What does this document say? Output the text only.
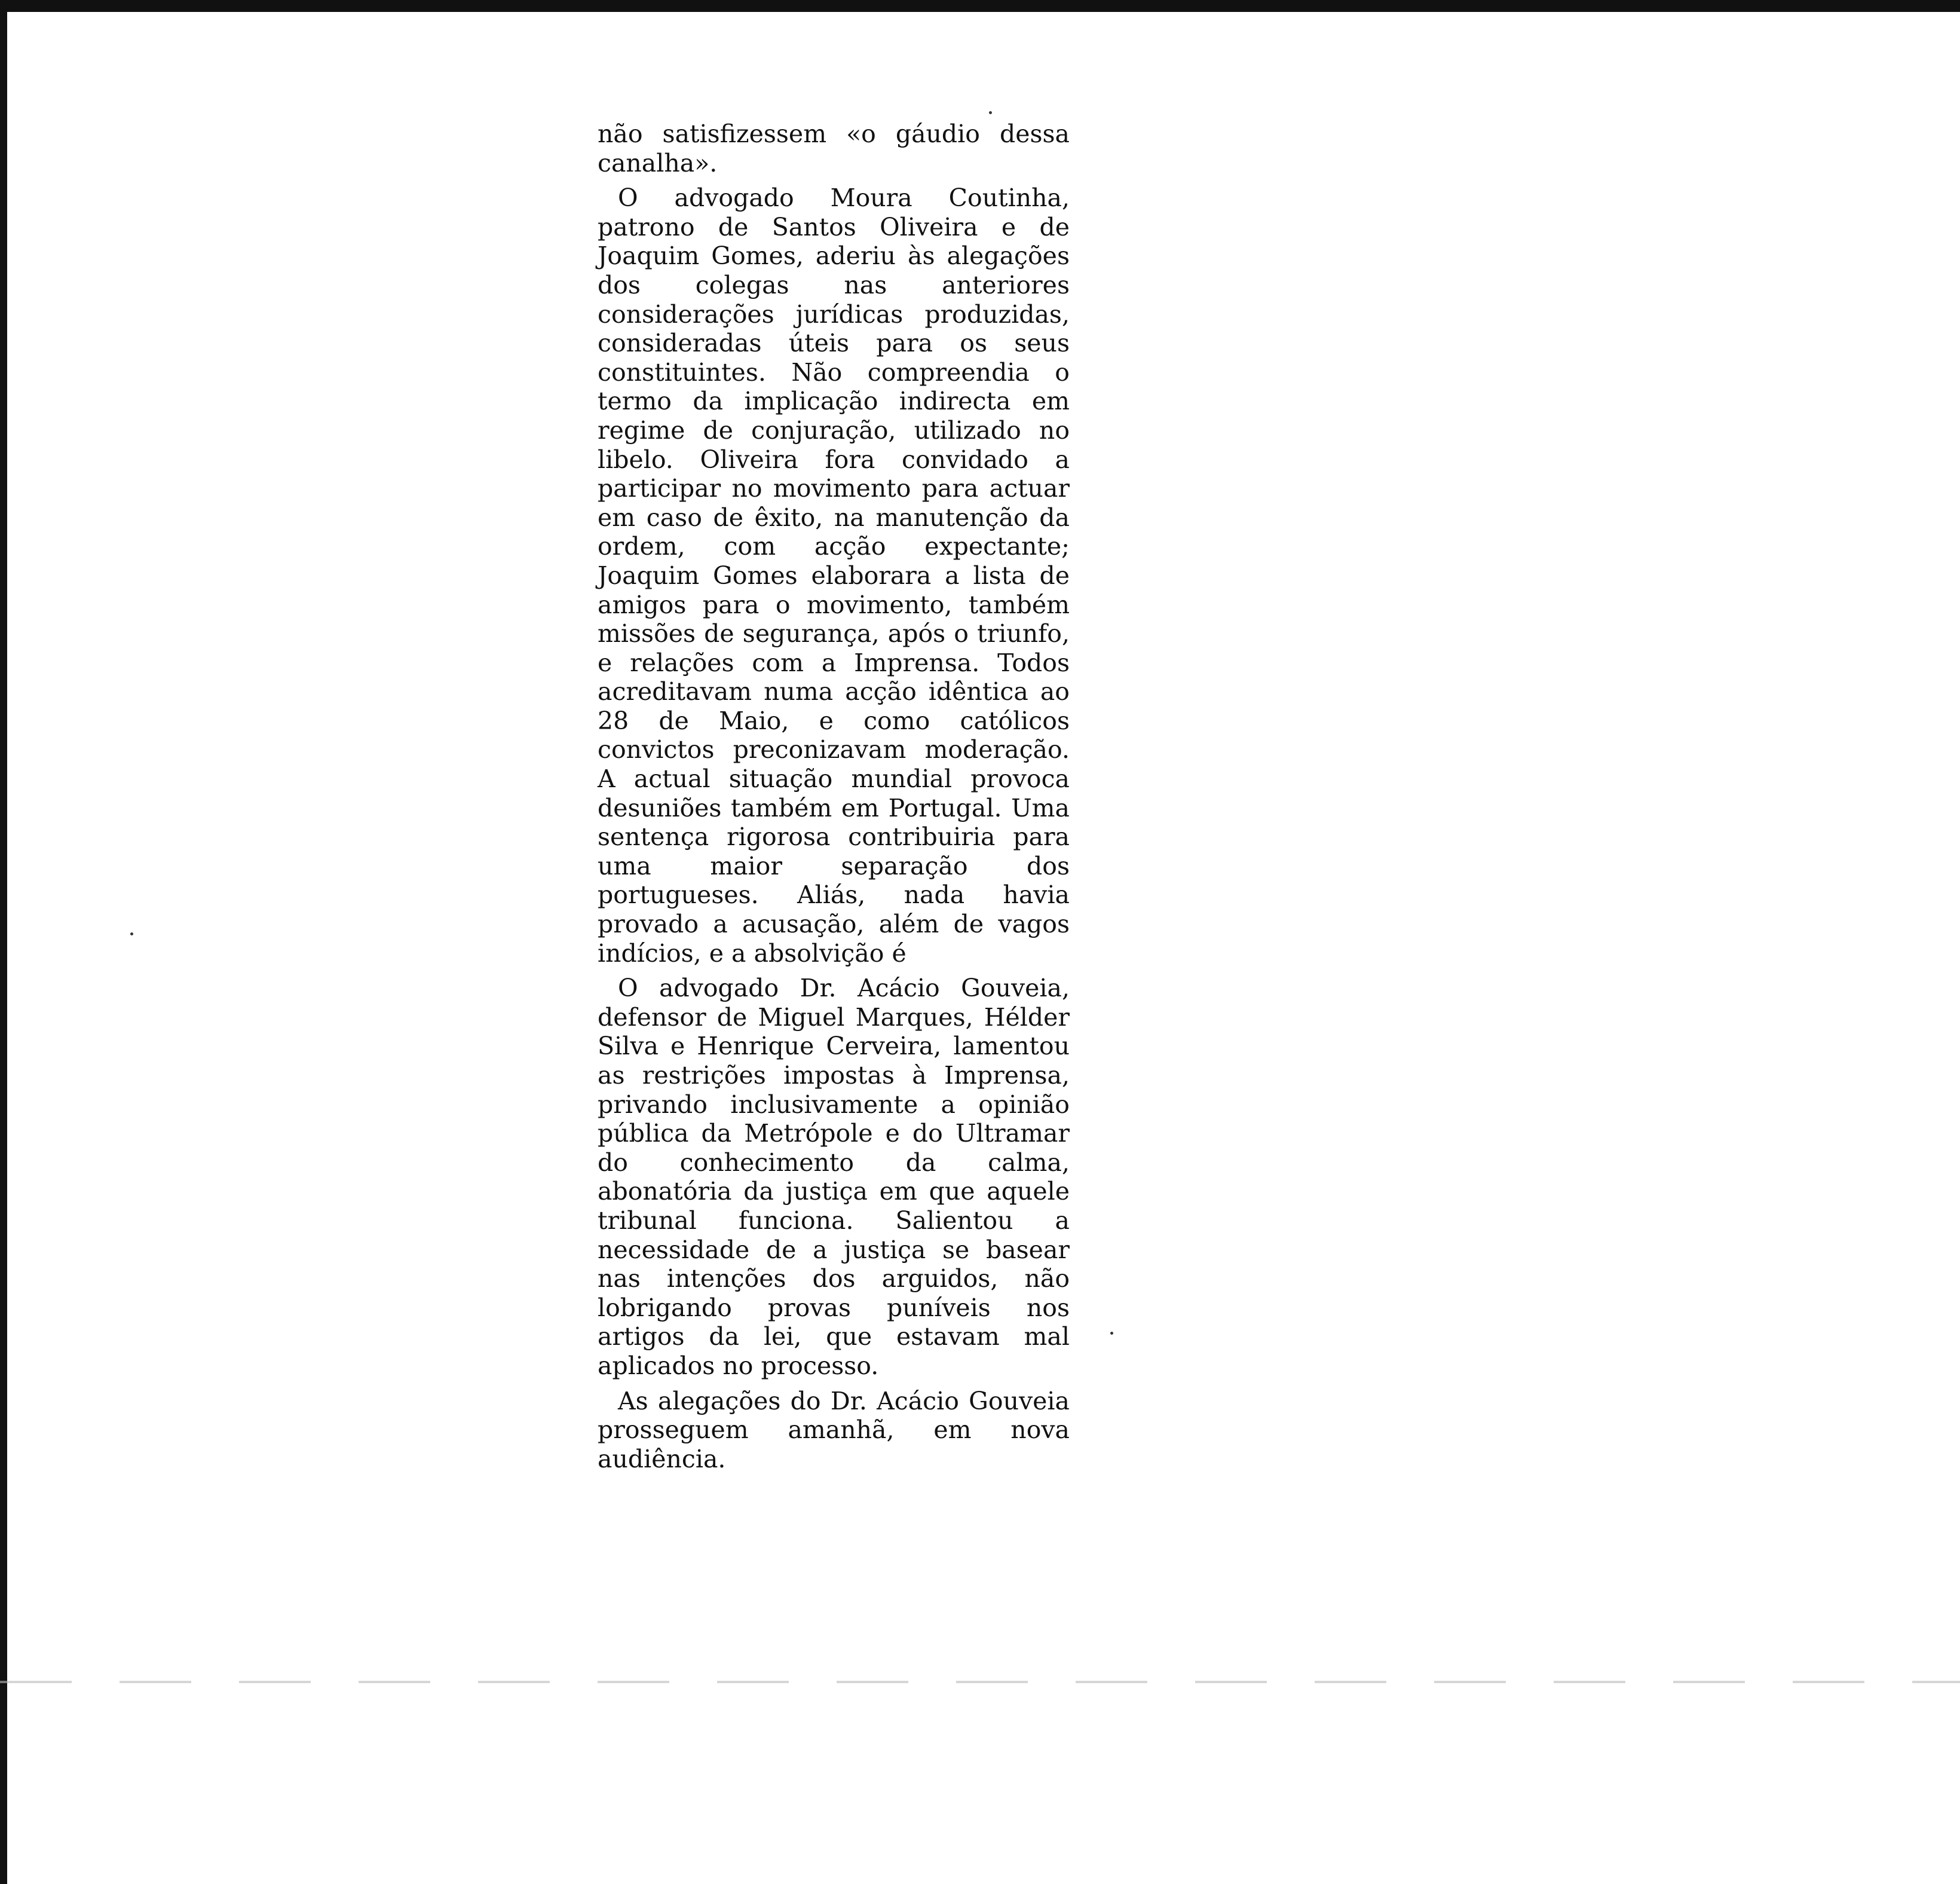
não satisfizessem «o gáudio dessa canalha».

O advogado Moura Coutinha, patrono de Santos Oliveira e de Joaquim Gomes, aderiu às alegações dos colegas nas anteriores considerações jurídicas produzidas, consideradas úteis para os seus constituintes. Não compreendia o termo da implicação indirecta em regime de conjuração, utilizado no libelo. Oliveira fora convidado a participar no movimento para actuar em caso de êxito, na manutenção da ordem, com acção expectante; Joaquim Gomes elaborara a lista de amigos para o movimento, também missões de segurança, após o triunfo, e relações com a Imprensa. Todos acreditavam numa acção idêntica ao 28 de Maio, e como católicos convictos preconizavam moderação. A actual situação mundial provoca desuniões também em Portugal. Uma sentença rigorosa contribuiria para uma maior separação dos portugueses. Aliás, nada havia provado a acusação, além de vagos indícios, e a absolvição é

O advogado Dr. Acácio Gouveia, defensor de Miguel Marques, Hélder Silva e Henrique Cerveira, lamentou as restrições impostas à Imprensa, privando inclusivamente a opinião pública da Metrópole e do Ultramar do conhecimento da calma, abonatória da justiça em que aquele tribunal funciona. Salientou a necessidade de a justiça se basear nas intenções dos arguidos, não lobrigando provas puníveis nos artigos da lei, que estavam mal aplicados no processo.

As alegações do Dr. Acácio Gouveia prosseguem amanhã, em nova audiência.
